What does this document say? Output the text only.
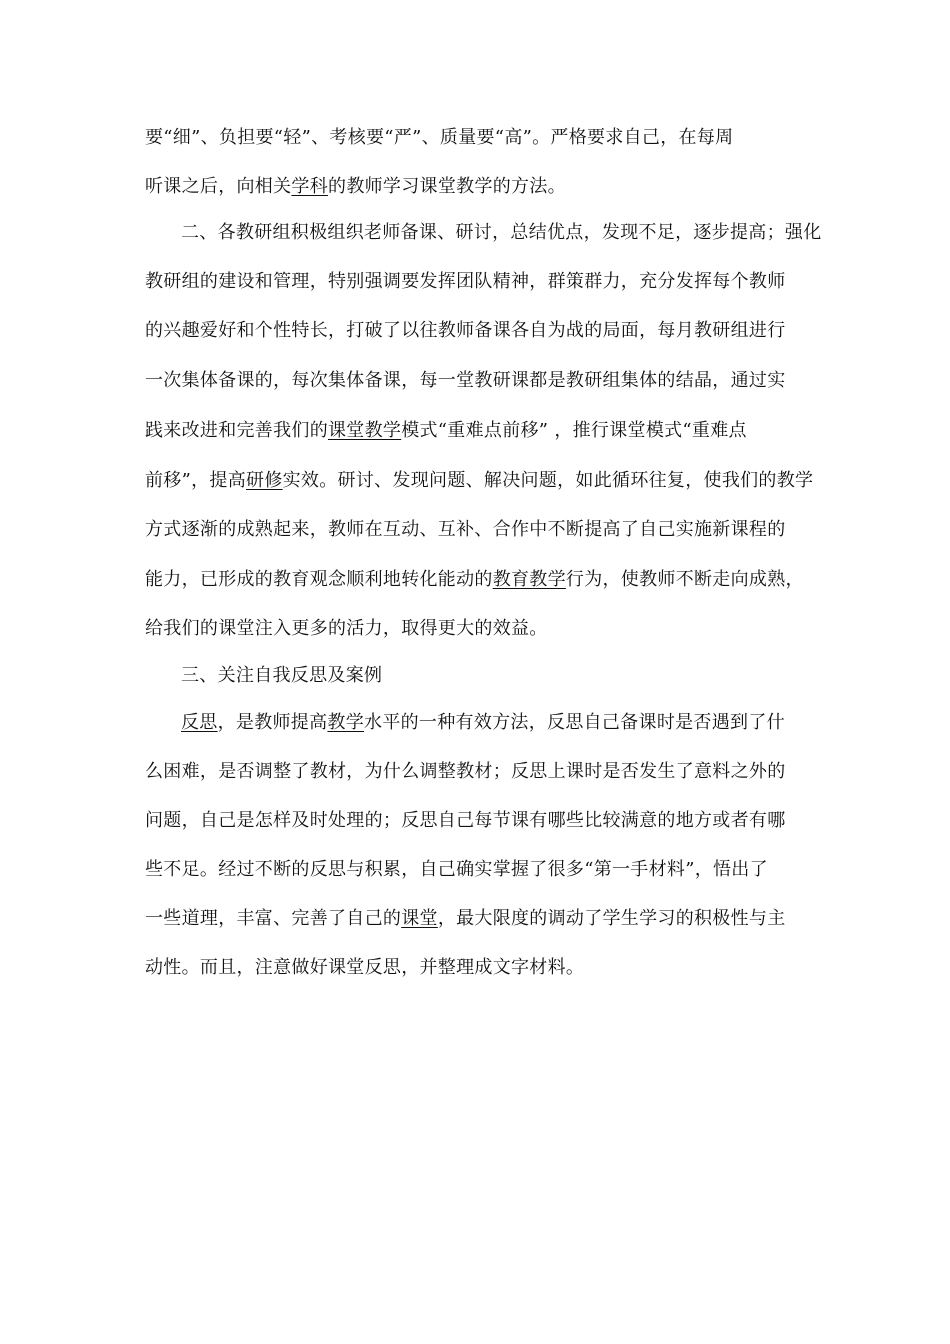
要“细”、负担要“轻”、考核要“严”、质量要“高”。严格要求自己，在每周
听课之后，向相关学科的教师学习课堂教学的方法。
二、各教研组积极组织老师备课、研讨，总结优点，发现不足，逐步提高；强化
教研组的建设和管理，特别强调要发挥团队精神，群策群力，充分发挥每个教师
的兴趣爱好和个性特长，打破了以往教师备课各自为战的局面，每月教研组进行
一次集体备课的，每次集体备课，每一堂教研课都是教研组集体的结晶，通过实
践来改进和完善我们的课堂教学模式“重难点前移” ，推行课堂模式“重难点
前移”，提高研修实效。研讨、发现问题、解决问题，如此循环往复，使我们的教学
方式逐渐的成熟起来，教师在互动、互补、合作中不断提高了自己实施新课程的
能力，已形成的教育观念顺利地转化能动的教育教学行为，使教师不断走向成熟，
给我们的课堂注入更多的活力，取得更大的效益。
三、关注自我反思及案例
反思，是教师提高教学水平的一种有效方法，反思自己备课时是否遇到了什
么困难，是否调整了教材，为什么调整教材；反思上课时是否发生了意料之外的
问题，自己是怎样及时处理的；反思自己每节课有哪些比较满意的地方或者有哪
些不足。经过不断的反思与积累，自己确实掌握了很多“第一手材料”，悟出了
一些道理，丰富、完善了自己的课堂，最大限度的调动了学生学习的积极性与主
动性。而且，注意做好课堂反思，并整理成文字材料。
